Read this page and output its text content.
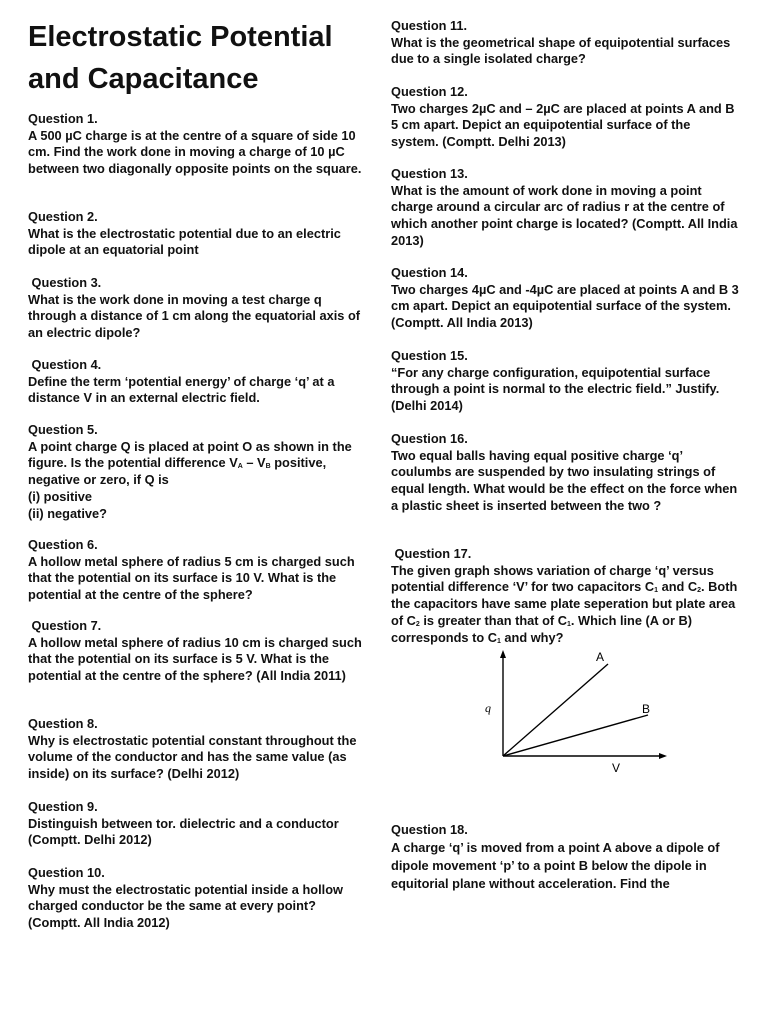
Electrostatic Potential and Capacitance
Question 1.
A 500 µC charge is at the centre of a square of side 10 cm. Find the work done in moving a charge of 10 µC between two diagonally opposite points on the square.
Question 2.
What is the electrostatic potential due to an electric dipole at an equatorial point
Question 3.
What is the work done in moving a test charge q through a distance of 1 cm along the equatorial axis of an electric dipole?
Question 4.
Define the term ‘potential energy’ of charge ‘q’ at a distance V in an external electric field.
Question 5.
A point charge Q is placed at point O as shown in the figure. Is the potential difference $V_A - V_B$ positive, negative or zero, if Q is
(i) positive
(ii) negative?
Question 6.
A hollow metal sphere of radius 5 cm is charged such that the potential on its surface is 10 V. What is the potential at the centre of the sphere?
Question 7.
A hollow metal sphere of radius 10 cm is charged such that the potential on its surface is 5 V. What is the potential at the centre of the sphere? (All India 2011)
Question 8.
Why is electrostatic potential constant throughout the volume of the conductor and has the same value (as inside) on its surface? (Delhi 2012)
Question 9.
Distinguish between tor. dielectric and a conductor (Comptt. Delhi 2012)
Question 10.
Why must the electrostatic potential inside a hollow charged conductor be the same at every point? (Comptt. All India 2012)
Question 11.
What is the geometrical shape of equipotential surfaces due to a single isolated charge?
Question 12.
Two charges 2µC and – 2µC are placed at points A and B 5 cm apart. Depict an equipotential surface of the system. (Comptt. Delhi 2013)
Question 13.
What is the amount of work done in moving a point charge around a circular arc of radius r at the centre of which another point charge is located? (Comptt. All India 2013)
Question 14.
Two charges 4µC and -4µC are placed at points A and B 3 cm apart. Depict an equipotential surface of the system. (Comptt. All India 2013)
Question 15.
“For any charge configuration, equipotential surface through a point is normal to the electric field.” Justify. (Delhi 2014)
Question 16.
Two equal balls having equal positive charge ‘q’ coulumbs are suspended by two insulating strings of equal length. What would be the effect on the force when a plastic sheet is inserted between the two ?
Question 17.
The given graph shows variation of charge ‘q’ versus potential difference ‘V’ for two capacitors $C_1$ and $C_2$. Both the capacitors have same plate seperation but plate area of $C_2$ is greater than that of $C_1$. Which line (A or B) corresponds to $C_1$ and why?
q
V
A
B
Question 18.
A charge ‘q’ is moved from a point A above a dipole of dipole movement ‘p’ to a point B below the dipole in equitorial plane without acceleration. Find the
